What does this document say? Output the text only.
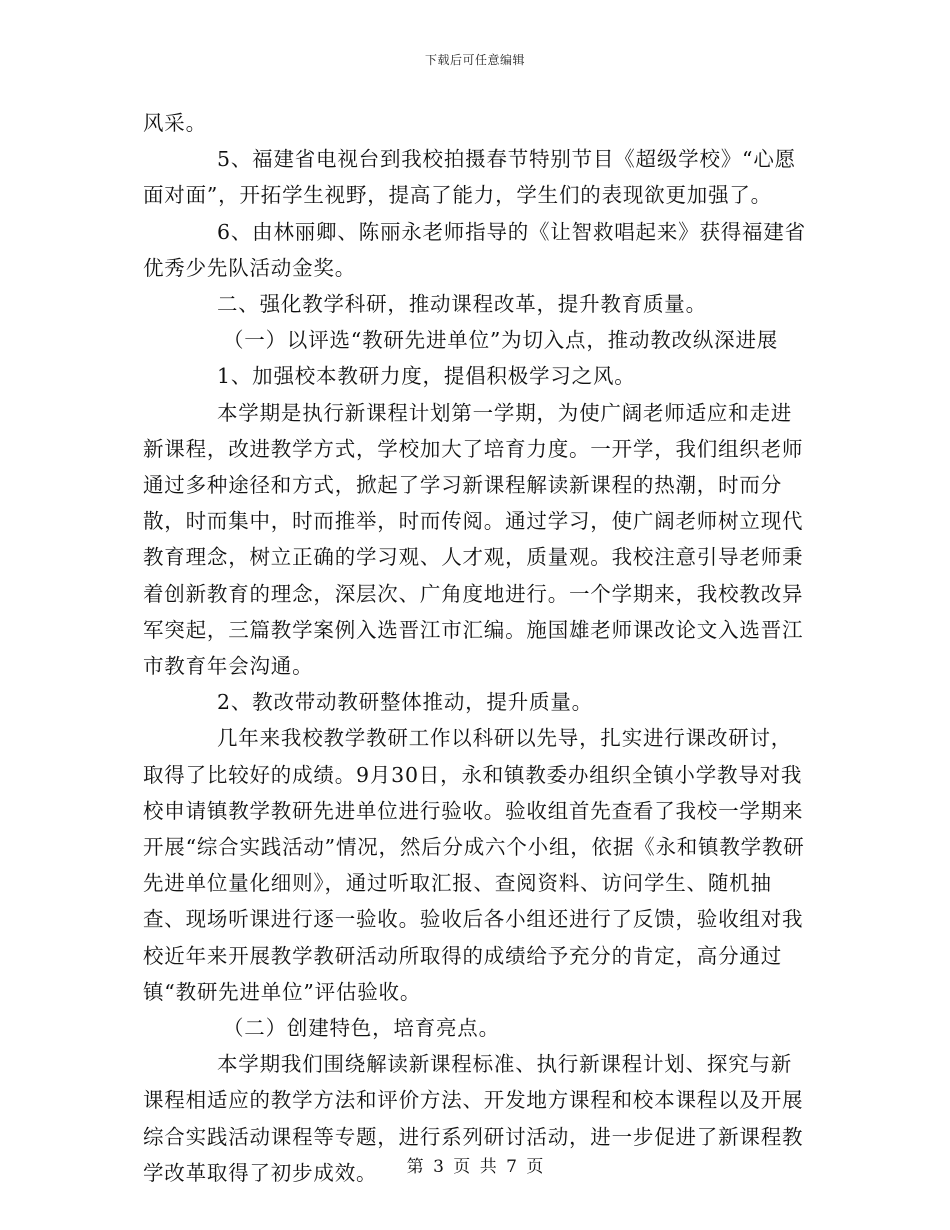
下载后可任意编辑

风采。

5、福建省电视台到我校拍摄春节特别节目《超级学校》“心愿面对面”，开拓学生视野，提高了能力，学生们的表现欲更加强了。

6、由林丽卿、陈丽永老师指导的《让智救唱起来》获得福建省优秀少先队活动金奖。

二、强化教学科研，推动课程改革，提升教育质量。

（一）以评选“教研先进单位”为切入点，推动教改纵深进展

1、加强校本教研力度，提倡积极学习之风。

本学期是执行新课程计划第一学期，为使广阔老师适应和走进新课程，改进教学方式，学校加大了培育力度。一开学，我们组织老师通过多种途径和方式，掀起了学习新课程解读新课程的热潮，时而分散，时而集中，时而推举，时而传阅。通过学习，使广阔老师树立现代教育理念，树立正确的学习观、人才观，质量观。我校注意引导老师秉着创新教育的理念，深层次、广角度地进行。一个学期来，我校教改异军突起，三篇教学案例入选晋江市汇编。施国雄老师课改论文入选晋江市教育年会沟通。

2、教改带动教研整体推动，提升质量。

几年来我校教学教研工作以科研以先导，扎实进行课改研讨，取得了比较好的成绩。9月30日，永和镇教委办组织全镇小学教导对我校申请镇教学教研先进单位进行验收。验收组首先查看了我校一学期来开展“综合实践活动”情况，然后分成六个小组，依据《永和镇教学教研先进单位量化细则》，通过听取汇报、查阅资料、访问学生、随机抽查、现场听课进行逐一验收。验收后各小组还进行了反馈，验收组对我校近年来开展教学教研活动所取得的成绩给予充分的肯定，高分通过镇“教研先进单位”评估验收。

（二）创建特色，培育亮点。

本学期我们围绕解读新课程标准、执行新课程计划、探究与新课程相适应的教学方法和评价方法、开发地方课程和校本课程以及开展综合实践活动课程等专题，进行系列研讨活动，进一步促进了新课程教学改革取得了初步成效。	第 3 页 共 7 页
